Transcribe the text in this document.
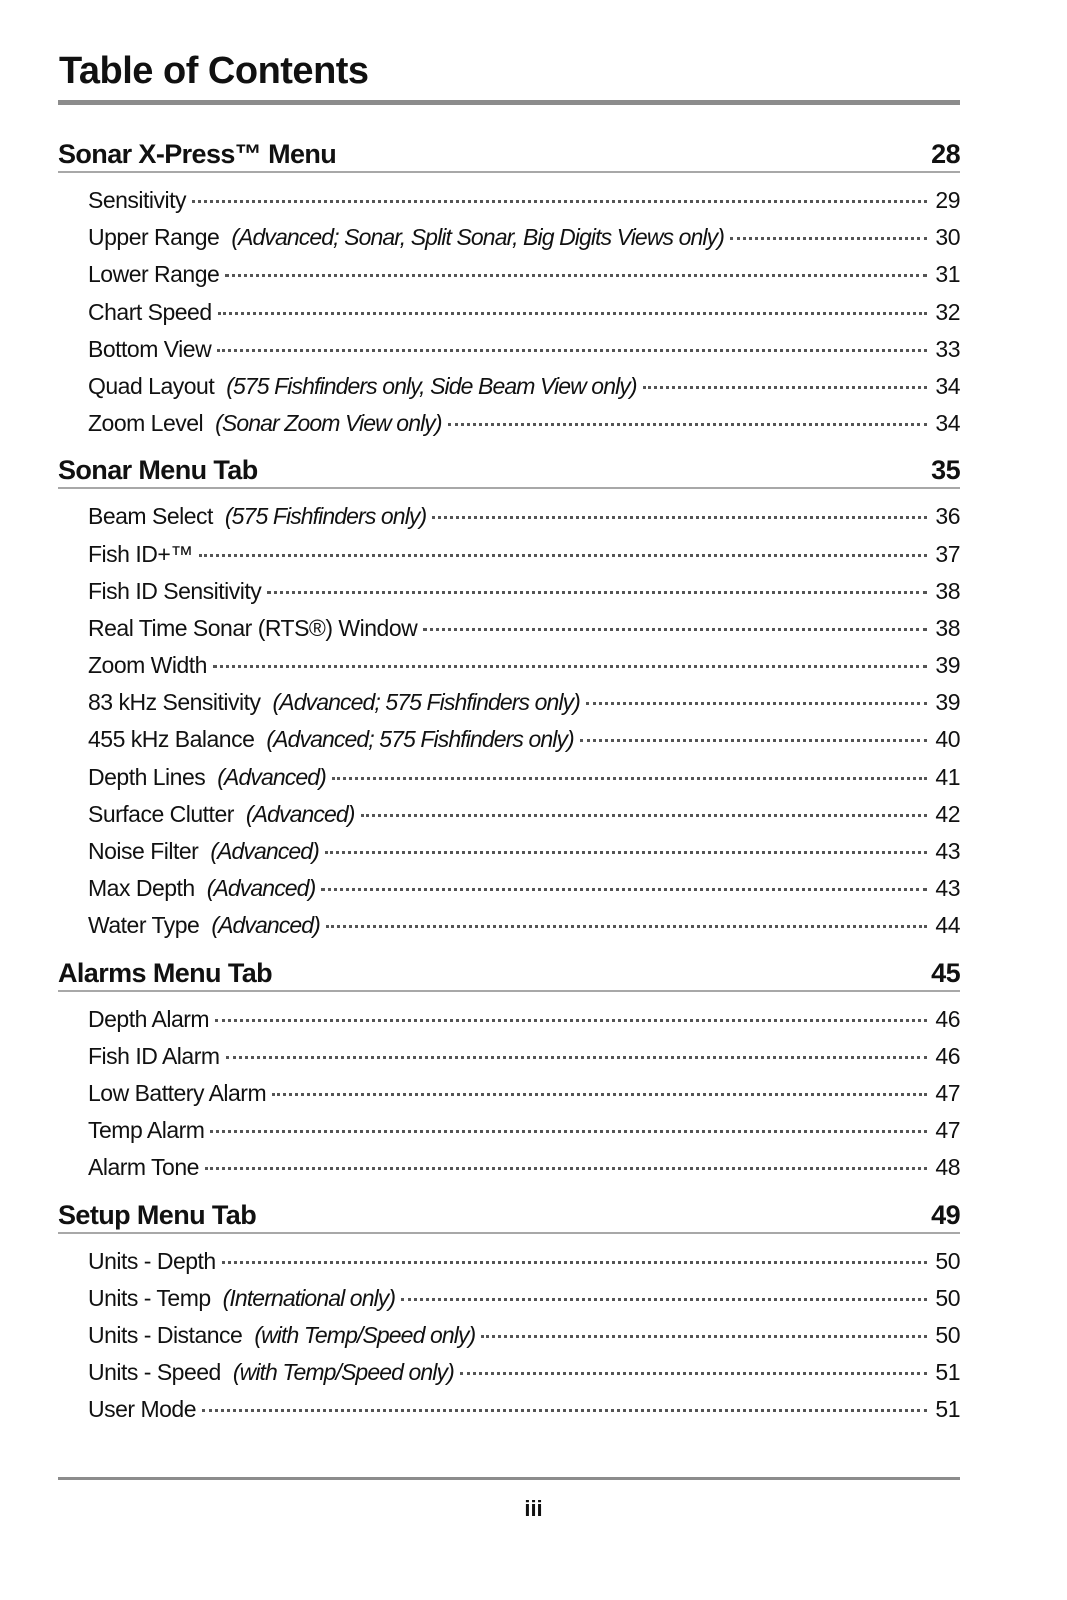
Table of Contents
Sonar X-Press™ Menu	28
Sensitivity	29
Upper Range (Advanced; Sonar, Split Sonar, Big Digits Views only)	30
Lower Range	31
Chart Speed	32
Bottom View	33
Quad Layout (575 Fishfinders only, Side Beam View only)	34
Zoom Level (Sonar Zoom View only)	34
Sonar Menu Tab	35
Beam Select (575 Fishfinders only)	36
Fish ID+™	37
Fish ID Sensitivity	38
Real Time Sonar (RTS®) Window	38
Zoom Width	39
83 kHz Sensitivity (Advanced; 575 Fishfinders only)	39
455 kHz Balance (Advanced; 575 Fishfinders only)	40
Depth Lines (Advanced)	41
Surface Clutter (Advanced)	42
Noise Filter (Advanced)	43
Max Depth (Advanced)	43
Water Type (Advanced)	44
Alarms Menu Tab	45
Depth Alarm	46
Fish ID Alarm	46
Low Battery Alarm	47
Temp Alarm	47
Alarm Tone	48
Setup Menu Tab	49
Units - Depth	50
Units - Temp (International only)	50
Units - Distance (with Temp/Speed only)	50
Units - Speed (with Temp/Speed only)	51
User Mode	51
iii
